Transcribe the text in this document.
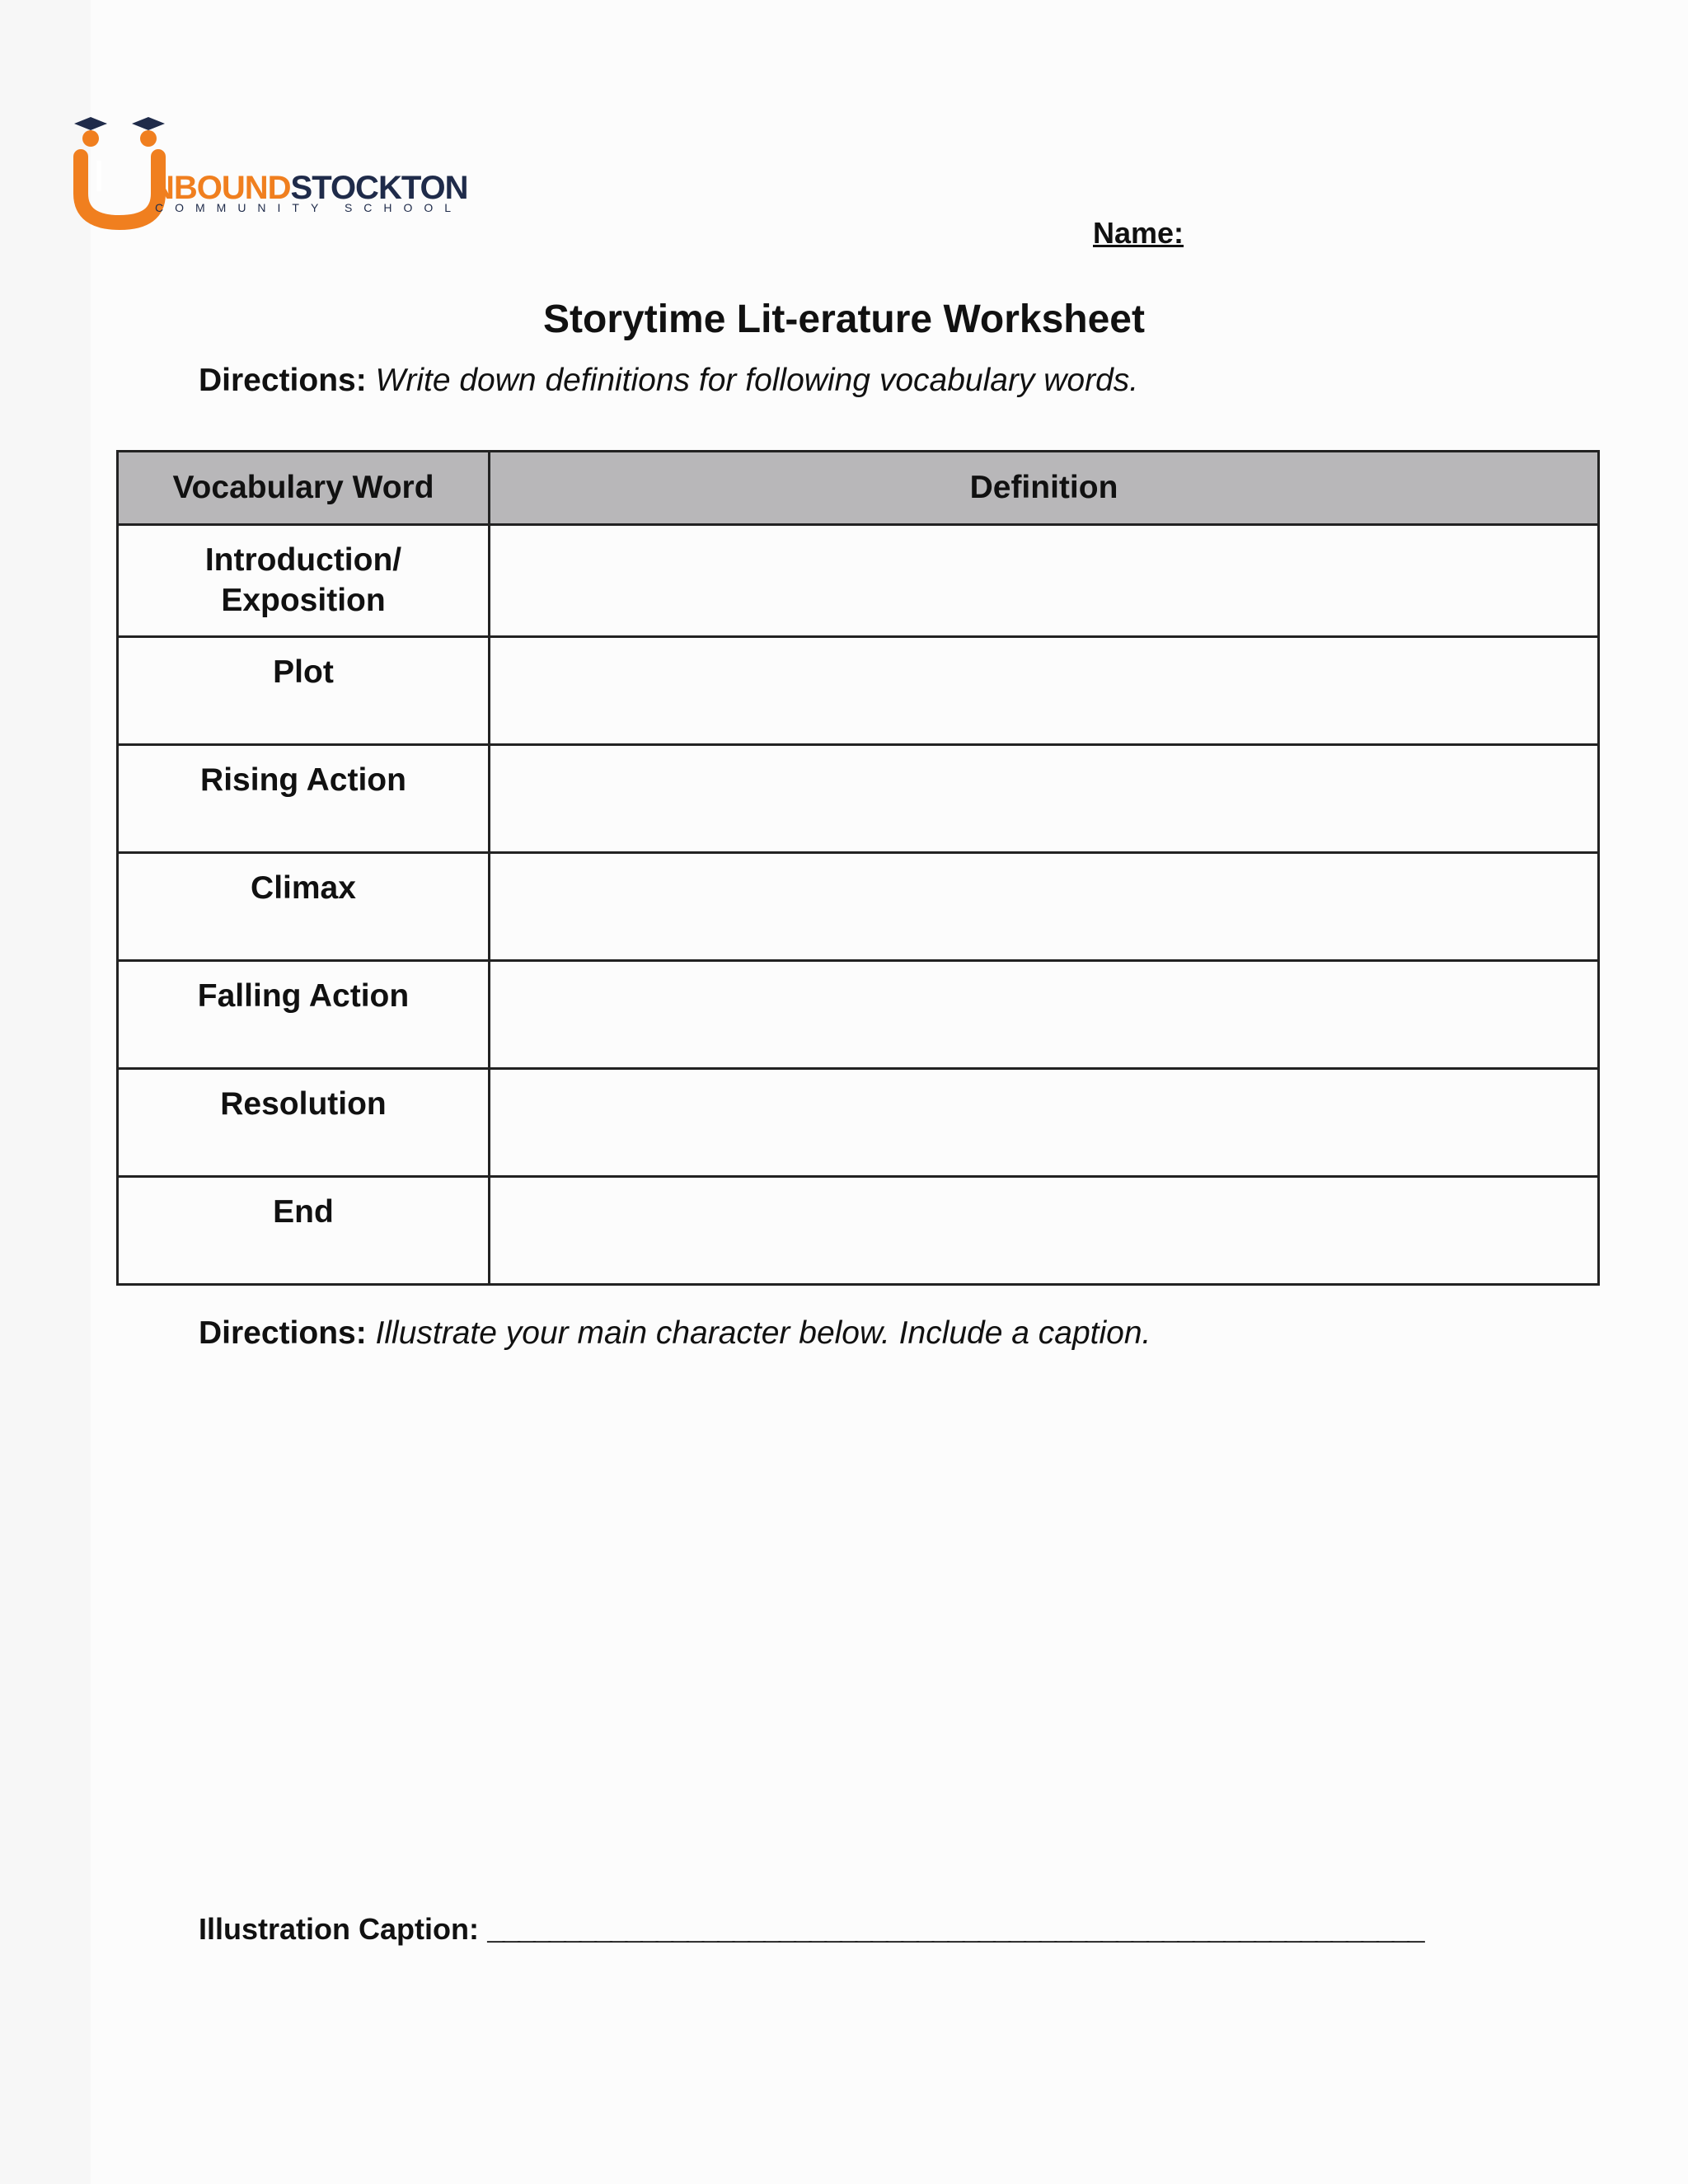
NBOUNDSTOCKTON
COMMUNITY SCHOOL
Name:
Storytime Lit-erature Worksheet
Directions: Write down definitions for following vocabulary words.
Vocabulary Word	Definition
Introduction/
Exposition	
Plot	
Rising Action	
Climax	
Falling Action	
Resolution	
End	
Directions: Illustrate your main character below. Include a caption.
Illustration Caption: _____________________________________________________________
